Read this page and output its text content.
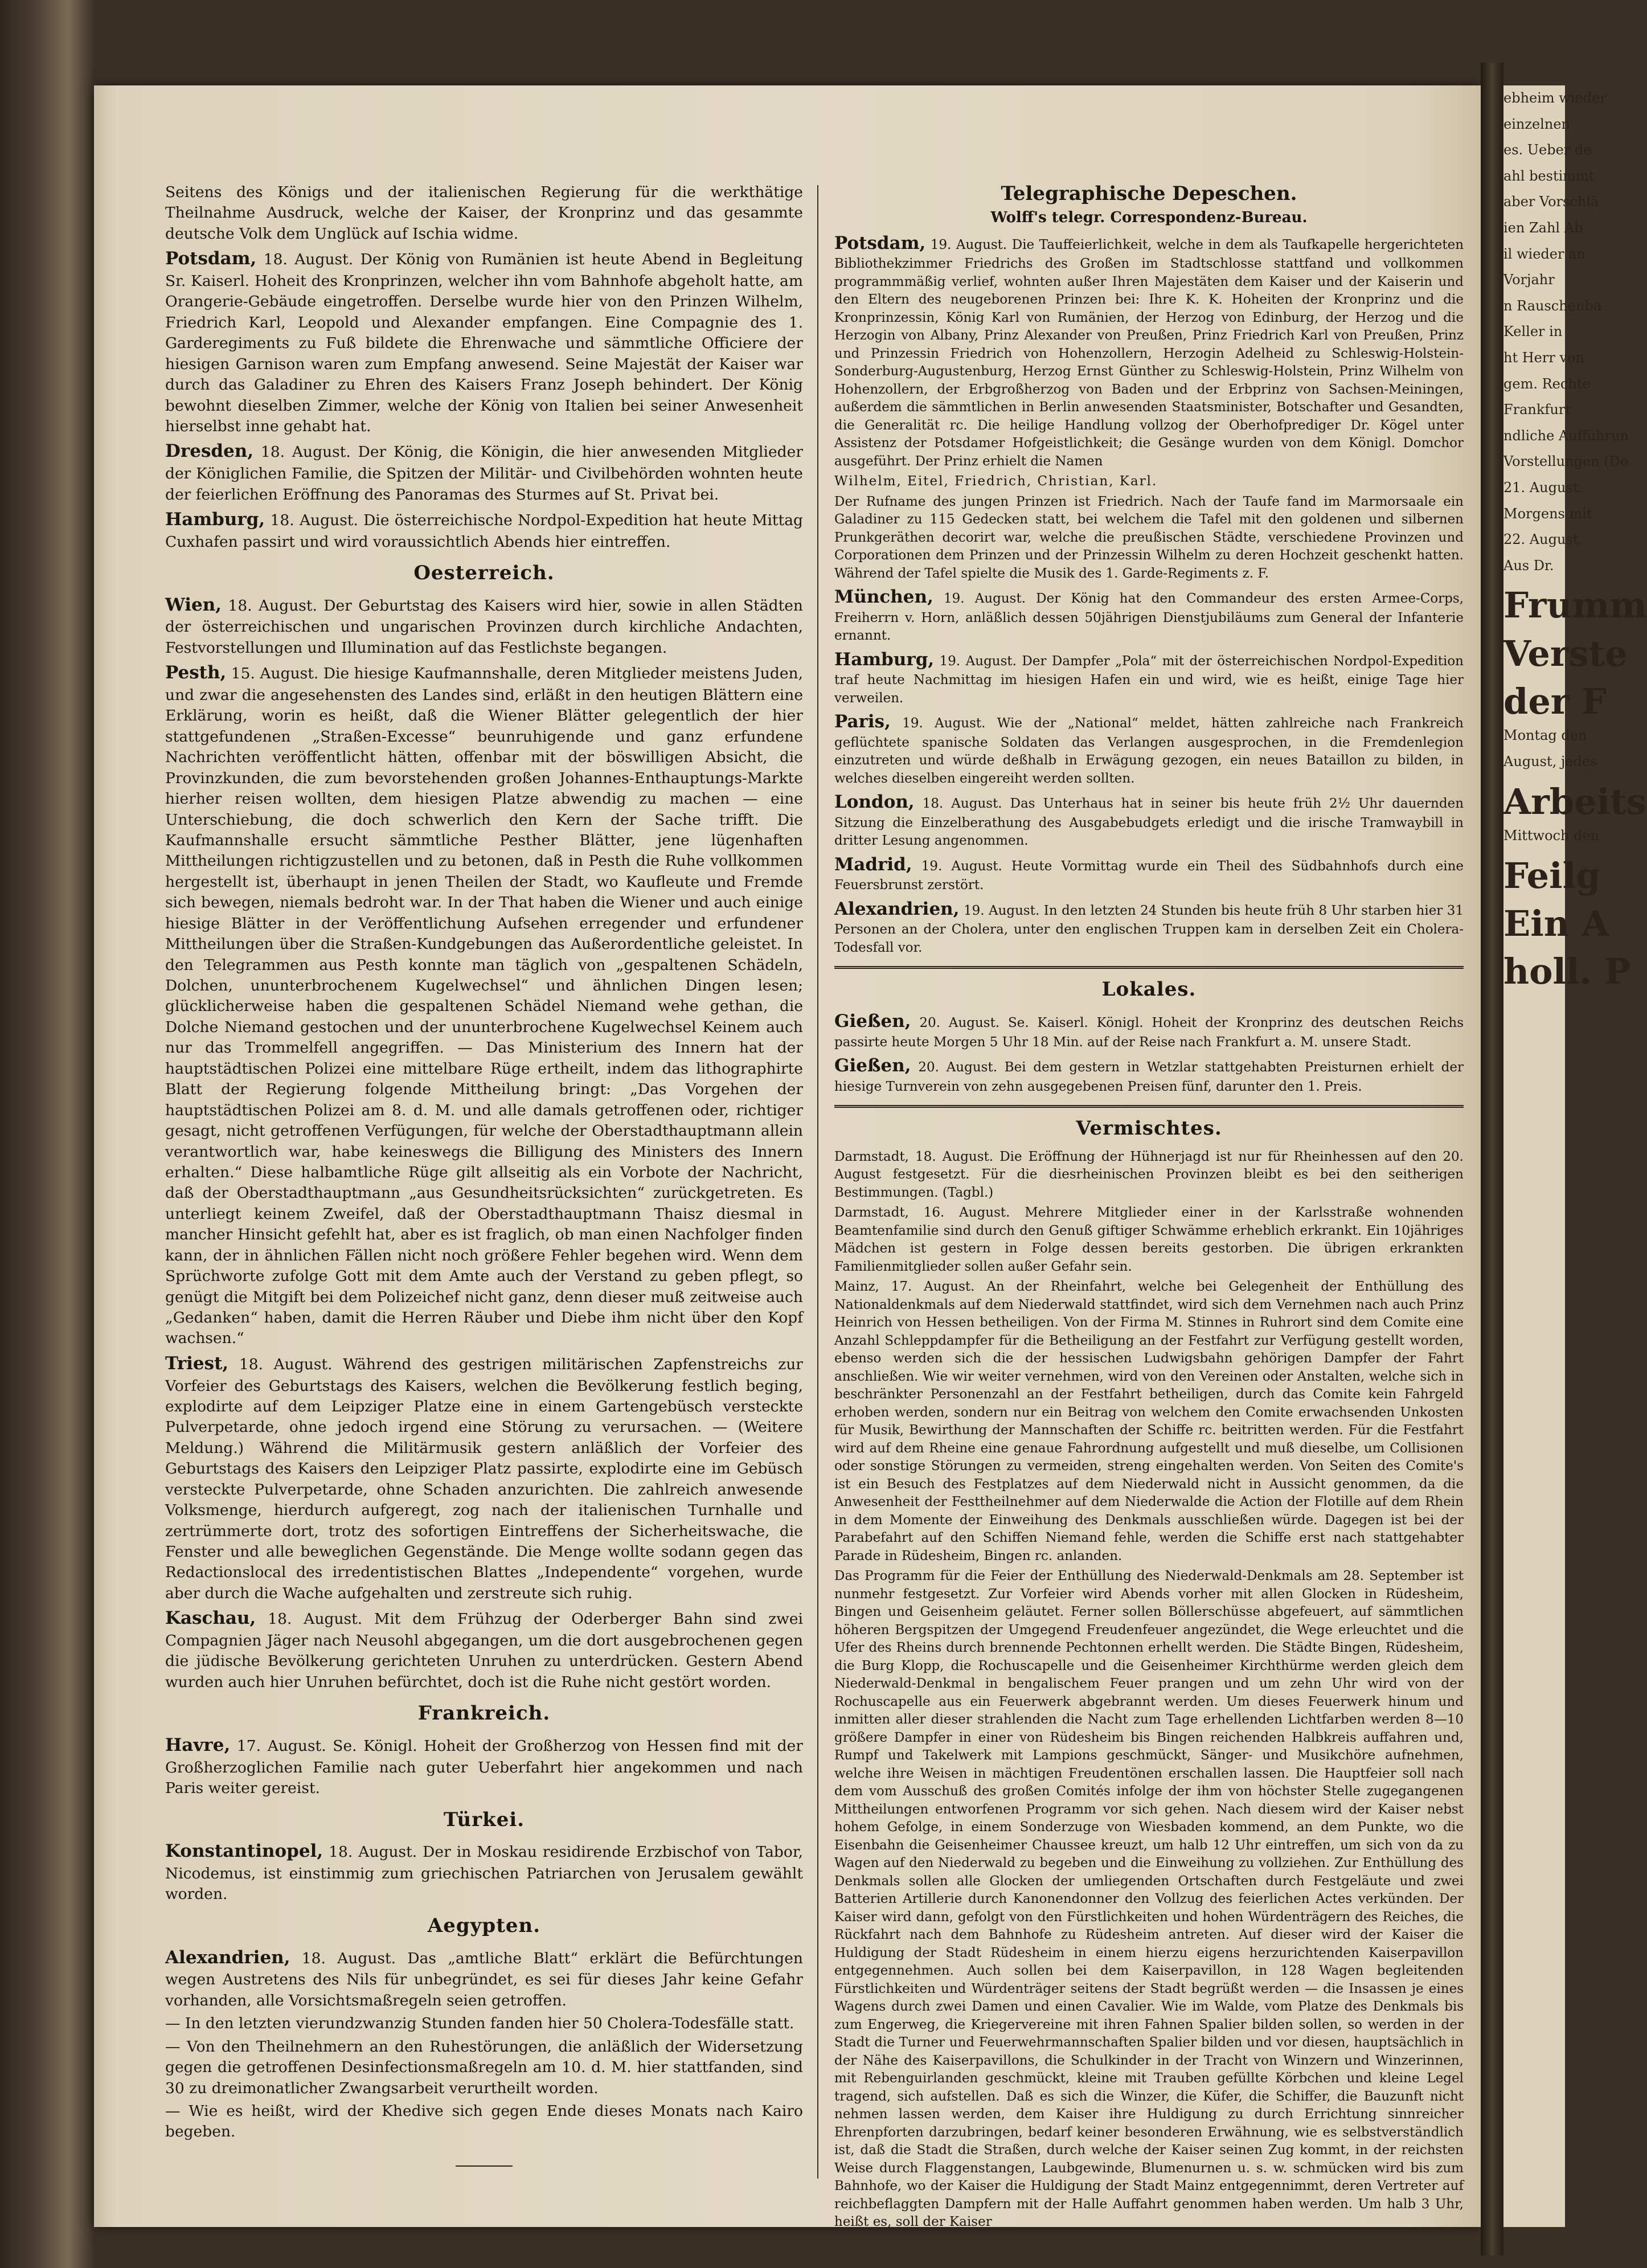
ebheim wieder

einzelnen

es. Ueber de

ahl bestimmt

aber Vorschlä

ien Zahl Ab

il wieder an

Vorjahr

n Rauschenba

Keller in

ht Herr von

gem. Rechte

Frankfurt

ndliche Aufführun

Vorstellungen (Do

21. August.

Morgens mit

22. August.

Aus Dr.

Frumm

Verste

der F

Montag den

August, jedes

Arbeits

Mittwoch den

Feilg

Ein A

holl. P

Seitens des Königs und der italienischen Regierung für die werkthätige Theilnahme Ausdruck, welche der Kaiser, der Kronprinz und das gesammte deutsche Volk dem Unglück auf Ischia widme.

Potsdam, 18. August. Der König von Rumänien ist heute Abend in Begleitung Sr. Kaiserl. Hoheit des Kronprinzen, welcher ihn vom Bahnhofe abgeholt hatte, am Orangerie-Gebäude eingetroffen. Derselbe wurde hier von den Prinzen Wilhelm, Friedrich Karl, Leopold und Alexander empfangen. Eine Compagnie des 1. Garderegiments zu Fuß bildete die Ehrenwache und sämmtliche Officiere der hiesigen Garnison waren zum Empfang anwesend. Seine Majestät der Kaiser war durch das Galadiner zu Ehren des Kaisers Franz Joseph behindert. Der König bewohnt dieselben Zimmer, welche der König von Italien bei seiner Anwesenheit hierselbst inne gehabt hat.

Dresden, 18. August. Der König, die Königin, die hier anwesenden Mitglieder der Königlichen Familie, die Spitzen der Militär- und Civilbehörden wohnten heute der feierlichen Eröffnung des Panoramas des Sturmes auf St. Privat bei.

Hamburg, 18. August. Die österreichische Nordpol-Expedition hat heute Mittag Cuxhafen passirt und wird voraussichtlich Abends hier eintreffen.

Oesterreich.

Wien, 18. August. Der Geburtstag des Kaisers wird hier, sowie in allen Städten der österreichischen und ungarischen Provinzen durch kirchliche Andachten, Festvorstellungen und Illumination auf das Festlichste begangen.

Pesth, 15. August. Die hiesige Kaufmannshalle, deren Mitglieder meistens Juden, und zwar die angesehensten des Landes sind, erläßt in den heutigen Blättern eine Erklärung, worin es heißt, daß die Wiener Blätter gelegentlich der hier stattgefundenen „Straßen-Excesse“ beunruhigende und ganz erfundene Nachrichten veröffentlicht hätten, offenbar mit der böswilligen Absicht, die Provinzkunden, die zum bevorstehenden großen Johannes-Enthauptungs-Markte hierher reisen wollten, dem hiesigen Platze abwendig zu machen — eine Unterschiebung, die doch schwerlich den Kern der Sache trifft. Die Kaufmannshalle ersucht sämmtliche Pesther Blätter, jene lügenhaften Mittheilungen richtigzustellen und zu betonen, daß in Pesth die Ruhe vollkommen hergestellt ist, überhaupt in jenen Theilen der Stadt, wo Kaufleute und Fremde sich bewegen, niemals bedroht war. In der That haben die Wiener und auch einige hiesige Blätter in der Veröffentlichung Aufsehen erregender und erfundener Mittheilungen über die Straßen-Kundgebungen das Außerordentliche geleistet. In den Telegrammen aus Pesth konnte man täglich von „gespaltenen Schädeln, Dolchen, ununterbrochenem Kugelwechsel“ und ähnlichen Dingen lesen; glücklicherweise haben die gespaltenen Schädel Niemand wehe gethan, die Dolche Niemand gestochen und der ununterbrochene Kugelwechsel Keinem auch nur das Trommelfell angegriffen. — Das Ministerium des Innern hat der hauptstädtischen Polizei eine mittelbare Rüge ertheilt, indem das lithographirte Blatt der Regierung folgende Mittheilung bringt: „Das Vorgehen der hauptstädtischen Polizei am 8. d. M. und alle damals getroffenen oder, richtiger gesagt, nicht getroffenen Verfügungen, für welche der Oberstadthauptmann allein verantwortlich war, habe keineswegs die Billigung des Ministers des Innern erhalten.“ Diese halbamtliche Rüge gilt allseitig als ein Vorbote der Nachricht, daß der Oberstadthauptmann „aus Gesundheitsrücksichten“ zurückgetreten. Es unterliegt keinem Zweifel, daß der Oberstadthauptmann Thaisz diesmal in mancher Hinsicht gefehlt hat, aber es ist fraglich, ob man einen Nachfolger finden kann, der in ähnlichen Fällen nicht noch größere Fehler begehen wird. Wenn dem Sprüchworte zufolge Gott mit dem Amte auch der Verstand zu geben pflegt, so genügt die Mitgift bei dem Polizeichef nicht ganz, denn dieser muß zeitweise auch „Gedanken“ haben, damit die Herren Räuber und Diebe ihm nicht über den Kopf wachsen.“

Triest, 18. August. Während des gestrigen militärischen Zapfenstreichs zur Vorfeier des Geburtstags des Kaisers, welchen die Bevölkerung festlich beging, explodirte auf dem Leipziger Platze eine in einem Gartengebüsch versteckte Pulverpetarde, ohne jedoch irgend eine Störung zu verursachen. — (Weitere Meldung.) Während die Militärmusik gestern anläßlich der Vorfeier des Geburtstags des Kaisers den Leipziger Platz passirte, explodirte eine im Gebüsch versteckte Pulverpetarde, ohne Schaden anzurichten. Die zahlreich anwesende Volksmenge, hierdurch aufgeregt, zog nach der italienischen Turnhalle und zertrümmerte dort, trotz des sofortigen Eintreffens der Sicherheitswache, die Fenster und alle beweglichen Gegenstände. Die Menge wollte sodann gegen das Redactionslocal des irredentistischen Blattes „Independente“ vorgehen, wurde aber durch die Wache aufgehalten und zerstreute sich ruhig.

Kaschau, 18. August. Mit dem Frühzug der Oderberger Bahn sind zwei Compagnien Jäger nach Neusohl abgegangen, um die dort ausgebrochenen gegen die jüdische Bevölkerung gerichteten Unruhen zu unterdrücken. Gestern Abend wurden auch hier Unruhen befürchtet, doch ist die Ruhe nicht gestört worden.

Frankreich.

Havre, 17. August. Se. Königl. Hoheit der Großherzog von Hessen find mit der Großherzoglichen Familie nach guter Ueberfahrt hier angekommen und nach Paris weiter gereist.

Türkei.

Konstantinopel, 18. August. Der in Moskau residirende Erzbischof von Tabor, Nicodemus, ist einstimmig zum griechischen Patriarchen von Jerusalem gewählt worden.

Aegypten.

Alexandrien, 18. August. Das „amtliche Blatt“ erklärt die Befürchtungen wegen Austretens des Nils für unbegründet, es sei für dieses Jahr keine Gefahr vorhanden, alle Vorsichtsmaßregeln seien getroffen.

— In den letzten vierundzwanzig Stunden fanden hier 50 Cholera-Todesfälle statt.

— Von den Theilnehmern an den Ruhestörungen, die anläßlich der Widersetzung gegen die getroffenen Desinfectionsmaßregeln am 10. d. M. hier stattfanden, sind 30 zu dreimonatlicher Zwangsarbeit verurtheilt worden.

— Wie es heißt, wird der Khedive sich gegen Ende dieses Monats nach Kairo begeben.

Telegraphische Depeschen.
Wolff's telegr. Correspondenz-Bureau.

Potsdam, 19. August. Die Tauffeierlichkeit, welche in dem als Taufkapelle hergerichteten Bibliothekzimmer Friedrichs des Großen im Stadtschlosse stattfand und vollkommen programmmäßig verlief, wohnten außer Ihren Majestäten dem Kaiser und der Kaiserin und den Eltern des neugeborenen Prinzen bei: Ihre K. K. Hoheiten der Kronprinz und die Kronprinzessin, König Karl von Rumänien, der Herzog von Edinburg, der Herzog und die Herzogin von Albany, Prinz Alexander von Preußen, Prinz Friedrich Karl von Preußen, Prinz und Prinzessin Friedrich von Hohenzollern, Herzogin Adelheid zu Schleswig-Holstein-Sonderburg-Augustenburg, Herzog Ernst Günther zu Schleswig-Holstein, Prinz Wilhelm von Hohenzollern, der Erbgroßherzog von Baden und der Erbprinz von Sachsen-Meiningen, außerdem die sämmtlichen in Berlin anwesenden Staatsminister, Botschafter und Gesandten, die Generalität rc. Die heilige Handlung vollzog der Oberhofprediger Dr. Kögel unter Assistenz der Potsdamer Hofgeistlichkeit; die Gesänge wurden von dem Königl. Domchor ausgeführt. Der Prinz erhielt die Namen

Wilhelm, Eitel, Friedrich, Christian, Karl.

Der Rufname des jungen Prinzen ist Friedrich. Nach der Taufe fand im Marmorsaale ein Galadiner zu 115 Gedecken statt, bei welchem die Tafel mit den goldenen und silbernen Prunkgeräthen decorirt war, welche die preußischen Städte, verschiedene Provinzen und Corporationen dem Prinzen und der Prinzessin Wilhelm zu deren Hochzeit geschenkt hatten. Während der Tafel spielte die Musik des 1. Garde-Regiments z. F.

München, 19. August. Der König hat den Commandeur des ersten Armee-Corps, Freiherrn v. Horn, anläßlich dessen 50jährigen Dienstjubiläums zum General der Infanterie ernannt.

Hamburg, 19. August. Der Dampfer „Pola“ mit der österreichischen Nordpol-Expedition traf heute Nachmittag im hiesigen Hafen ein und wird, wie es heißt, einige Tage hier verweilen.

Paris, 19. August. Wie der „National“ meldet, hätten zahlreiche nach Frankreich geflüchtete spanische Soldaten das Verlangen ausgesprochen, in die Fremdenlegion einzutreten und würde deßhalb in Erwägung gezogen, ein neues Bataillon zu bilden, in welches dieselben eingereiht werden sollten.

London, 18. August. Das Unterhaus hat in seiner bis heute früh 2½ Uhr dauernden Sitzung die Einzelberathung des Ausgabebudgets erledigt und die irische Tramwaybill in dritter Lesung angenommen.

Madrid, 19. August. Heute Vormittag wurde ein Theil des Südbahnhofs durch eine Feuersbrunst zerstört.

Alexandrien, 19. August. In den letzten 24 Stunden bis heute früh 8 Uhr starben hier 31 Personen an der Cholera, unter den englischen Truppen kam in derselben Zeit ein Cholera-Todesfall vor.

Lokales.

Gießen, 20. August. Se. Kaiserl. Königl. Hoheit der Kronprinz des deutschen Reichs passirte heute Morgen 5 Uhr 18 Min. auf der Reise nach Frankfurt a. M. unsere Stadt.

Gießen, 20. August. Bei dem gestern in Wetzlar stattgehabten Preisturnen erhielt der hiesige Turnverein von zehn ausgegebenen Preisen fünf, darunter den 1. Preis.

Vermischtes.

Darmstadt, 18. August. Die Eröffnung der Hühnerjagd ist nur für Rheinhessen auf den 20. August festgesetzt. Für die diesrheinischen Provinzen bleibt es bei den seitherigen Bestimmungen. (Tagbl.)

Darmstadt, 16. August. Mehrere Mitglieder einer in der Karlsstraße wohnenden Beamtenfamilie sind durch den Genuß giftiger Schwämme erheblich erkrankt. Ein 10jähriges Mädchen ist gestern in Folge dessen bereits gestorben. Die übrigen erkrankten Familienmitglieder sollen außer Gefahr sein.

Mainz, 17. August. An der Rheinfahrt, welche bei Gelegenheit der Enthüllung des Nationaldenkmals auf dem Niederwald stattfindet, wird sich dem Vernehmen nach auch Prinz Heinrich von Hessen betheiligen. Von der Firma M. Stinnes in Ruhrort sind dem Comite eine Anzahl Schleppdampfer für die Betheiligung an der Festfahrt zur Verfügung gestellt worden, ebenso werden sich die der hessischen Ludwigsbahn gehörigen Dampfer der Fahrt anschließen. Wie wir weiter vernehmen, wird von den Vereinen oder Anstalten, welche sich in beschränkter Personenzahl an der Festfahrt betheiligen, durch das Comite kein Fahrgeld erhoben werden, sondern nur ein Beitrag von welchem den Comite erwachsenden Unkosten für Musik, Bewirthung der Mannschaften der Schiffe rc. beitritten werden. Für die Festfahrt wird auf dem Rheine eine genaue Fahrordnung aufgestellt und muß dieselbe, um Collisionen oder sonstige Störungen zu vermeiden, streng eingehalten werden. Von Seiten des Comite's ist ein Besuch des Festplatzes auf dem Niederwald nicht in Aussicht genommen, da die Anwesenheit der Festtheilnehmer auf dem Niederwalde die Action der Flotille auf dem Rhein in dem Momente der Einweihung des Denkmals ausschließen würde. Dagegen ist bei der Parabefahrt auf den Schiffen Niemand fehle, werden die Schiffe erst nach stattgehabter Parade in Rüdesheim, Bingen rc. anlanden.

Das Programm für die Feier der Enthüllung des Niederwald-Denkmals am 28. September ist nunmehr festgesetzt. Zur Vorfeier wird Abends vorher mit allen Glocken in Rüdesheim, Bingen und Geisenheim geläutet. Ferner sollen Böllerschüsse abgefeuert, auf sämmtlichen höheren Bergspitzen der Umgegend Freudenfeuer angezündet, die Wege erleuchtet und die Ufer des Rheins durch brennende Pechtonnen erhellt werden. Die Städte Bingen, Rüdesheim, die Burg Klopp, die Rochuscapelle und die Geisenheimer Kirchthürme werden gleich dem Niederwald-Denkmal in bengalischem Feuer prangen und um zehn Uhr wird von der Rochuscapelle aus ein Feuerwerk abgebrannt werden. Um dieses Feuerwerk hinum und inmitten aller dieser strahlenden die Nacht zum Tage erhellenden Lichtfarben werden 8—10 größere Dampfer in einer von Rüdesheim bis Bingen reichenden Halbkreis auffahren und, Rumpf und Takelwerk mit Lampions geschmückt, Sänger- und Musikchöre aufnehmen, welche ihre Weisen in mächtigen Freudentönen erschallen lassen. Die Hauptfeier soll nach dem vom Ausschuß des großen Comités infolge der ihm von höchster Stelle zugegangenen Mittheilungen entworfenen Programm vor sich gehen. Nach diesem wird der Kaiser nebst hohem Gefolge, in einem Sonderzuge von Wiesbaden kommend, an dem Punkte, wo die Eisenbahn die Geisenheimer Chaussee kreuzt, um halb 12 Uhr eintreffen, um sich von da zu Wagen auf den Niederwald zu begeben und die Einweihung zu vollziehen. Zur Enthüllung des Denkmals sollen alle Glocken der umliegenden Ortschaften durch Festgeläute und zwei Batterien Artillerie durch Kanonendonner den Vollzug des feierlichen Actes verkünden. Der Kaiser wird dann, gefolgt von den Fürstlichkeiten und hohen Würdenträgern des Reiches, die Rückfahrt nach dem Bahnhofe zu Rüdesheim antreten. Auf dieser wird der Kaiser die Huldigung der Stadt Rüdesheim in einem hierzu eigens herzurichtenden Kaiserpavillon entgegennehmen. Auch sollen bei dem Kaiserpavillon, in 128 Wagen begleitenden Fürstlichkeiten und Würdenträger seitens der Stadt begrüßt werden — die Insassen je eines Wagens durch zwei Damen und einen Cavalier. Wie im Walde, vom Platze des Denkmals bis zum Engerweg, die Kriegervereine mit ihren Fahnen Spalier bilden sollen, so werden in der Stadt die Turner und Feuerwehrmannschaften Spalier bilden und vor diesen, hauptsächlich in der Nähe des Kaiserpavillons, die Schulkinder in der Tracht von Winzern und Winzerinnen, mit Rebenguirlanden geschmückt, kleine mit Trauben gefüllte Körbchen und kleine Legel tragend, sich aufstellen. Daß es sich die Winzer, die Küfer, die Schiffer, die Bauzunft nicht nehmen lassen werden, dem Kaiser ihre Huldigung zu durch Errichtung sinnreicher Ehrenpforten darzubringen, bedarf keiner besonderen Erwähnung, wie es selbstverständlich ist, daß die Stadt die Straßen, durch welche der Kaiser seinen Zug kommt, in der reichsten Weise durch Flaggenstangen, Laubgewinde, Blumenurnen u. s. w. schmücken wird bis zum Bahnhofe, wo der Kaiser die Huldigung der Stadt Mainz entgegennimmt, deren Vertreter auf reichbeflaggten Dampfern mit der Halle Auffahrt genommen haben werden. Um halb 3 Uhr, heißt es, soll der Kaiser
